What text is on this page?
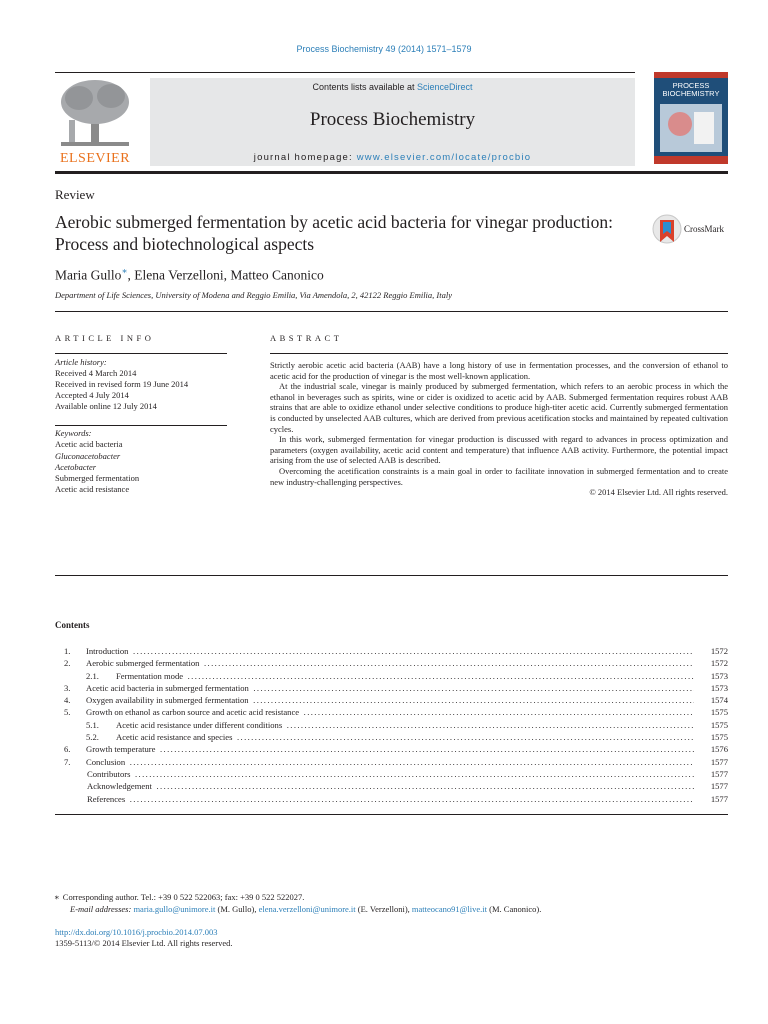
Process Biochemistry 49 (2014) 1571–1579
ELSEVIER
Contents lists available at ScienceDirect
Process Biochemistry
journal homepage: www.elsevier.com/locate/procbio
PROCESS
BIOCHEMISTRY
Review
Aerobic submerged fermentation by acetic acid bacteria for vinegar production: Process and biotechnological aspects
CrossMark
Maria Gullo∗, Elena Verzelloni, Matteo Canonico
Department of Life Sciences, University of Modena and Reggio Emilia, Via Amendola, 2, 42122 Reggio Emilia, Italy
ARTICLE INFO
Article history:
Received 4 March 2014
Received in revised form 19 June 2014
Accepted 4 July 2014
Available online 12 July 2014
Keywords:
Acetic acid bacteria
Gluconacetobacter
Acetobacter
Submerged fermentation
Acetic acid resistance
ABSTRACT

Strictly aerobic acetic acid bacteria (AAB) have a long history of use in fermentation processes, and the conversion of ethanol to acetic acid for the production of vinegar is the most well-known application.

At the industrial scale, vinegar is mainly produced by submerged fermentation, which refers to an aerobic process in which the ethanol in beverages such as spirits, wine or cider is oxidized to acetic acid by AAB. Submerged fermentation requires robust AAB strains that are able to oxidize ethanol under selective conditions to produce high-titer acetic acid. Currently submerged fermentation is conducted by unselected AAB cultures, which are derived from previous acetification stocks and maintained by repeated cultivation cycles.

In this work, submerged fermentation for vinegar production is discussed with regard to advances in process optimization and parameters (oxygen availability, acetic acid content and temperature) that influence AAB activity. Furthermore, the potential impact arising from the use of selected AAB is described.

Overcoming the acetification constraints is a main goal in order to facilitate innovation in submerged fermentation and to create new industry-challenging perspectives.

© 2014 Elsevier Ltd. All rights reserved.
Contents
1. Introduction .....	1572
2. Aerobic submerged fermentation .....	1572
2.1. Fermentation mode .....	1573
3. Acetic acid bacteria in submerged fermentation .....	1573
4. Oxygen availability in submerged fermentation .....	1574
5. Growth on ethanol as carbon source and acetic acid resistance .....	1575
5.1. Acetic acid resistance under different conditions .....	1575
5.2. Acetic acid resistance and species .....	1575
6. Growth temperature .....	1576
7. Conclusion .....	1577
Contributors .....	1577
Acknowledgement .....	1577
References .....	1577
∗ Corresponding author. Tel.: +39 0 522 522063; fax: +39 0 522 522027.
E-mail addresses: maria.gullo@unimore.it (M. Gullo), elena.verzelloni@unimore.it (E. Verzelloni), matteocano91@live.it (M. Canonico).
http://dx.doi.org/10.1016/j.procbio.2014.07.003
1359-5113/© 2014 Elsevier Ltd. All rights reserved.
